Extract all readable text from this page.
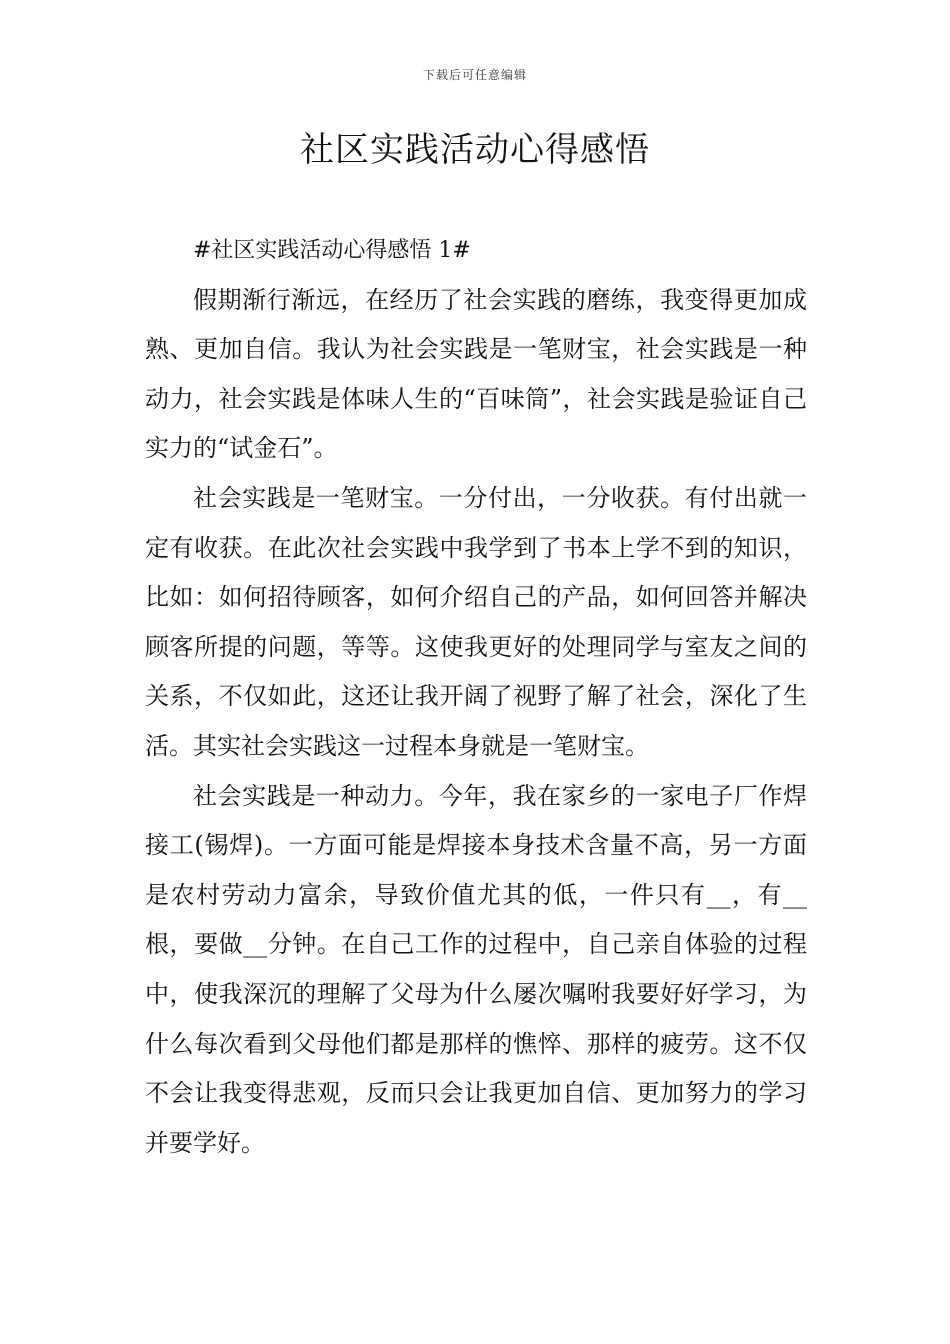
下载后可任意编辑
社区实践活动心得感悟
#社区实践活动心得感悟 1#

假期渐行渐远，在经历了社会实践的磨练，我变得更加成熟、更加自信。我认为社会实践是一笔财宝，社会实践是一种动力，社会实践是体味人生的“百味筒”，社会实践是验证自己实力的“试金石”。

社会实践是一笔财宝。一分付出，一分收获。有付出就一定有收获。在此次社会实践中我学到了书本上学不到的知识，比如：如何招待顾客，如何介绍自己的产品，如何回答并解决顾客所提的问题，等等。这使我更好的处理同学与室友之间的关系，不仅如此，这还让我开阔了视野了解了社会，深化了生活。其实社会实践这一过程本身就是一笔财宝。

社会实践是一种动力。今年，我在家乡的一家电子厂作焊接工(锡焊)。一方面可能是焊接本身技术含量不高，另一方面是农村劳动力富余，导致价值尤其的低，一件只有__，有__根，要做__分钟。在自己工作的过程中，自己亲自体验的过程中，使我深沉的理解了父母为什么屡次嘱咐我要好好学习，为什么每次看到父母他们都是那样的憔悴、那样的疲劳。这不仅不会让我变得悲观，反而只会让我更加自信、更加努力的学习并要学好。
